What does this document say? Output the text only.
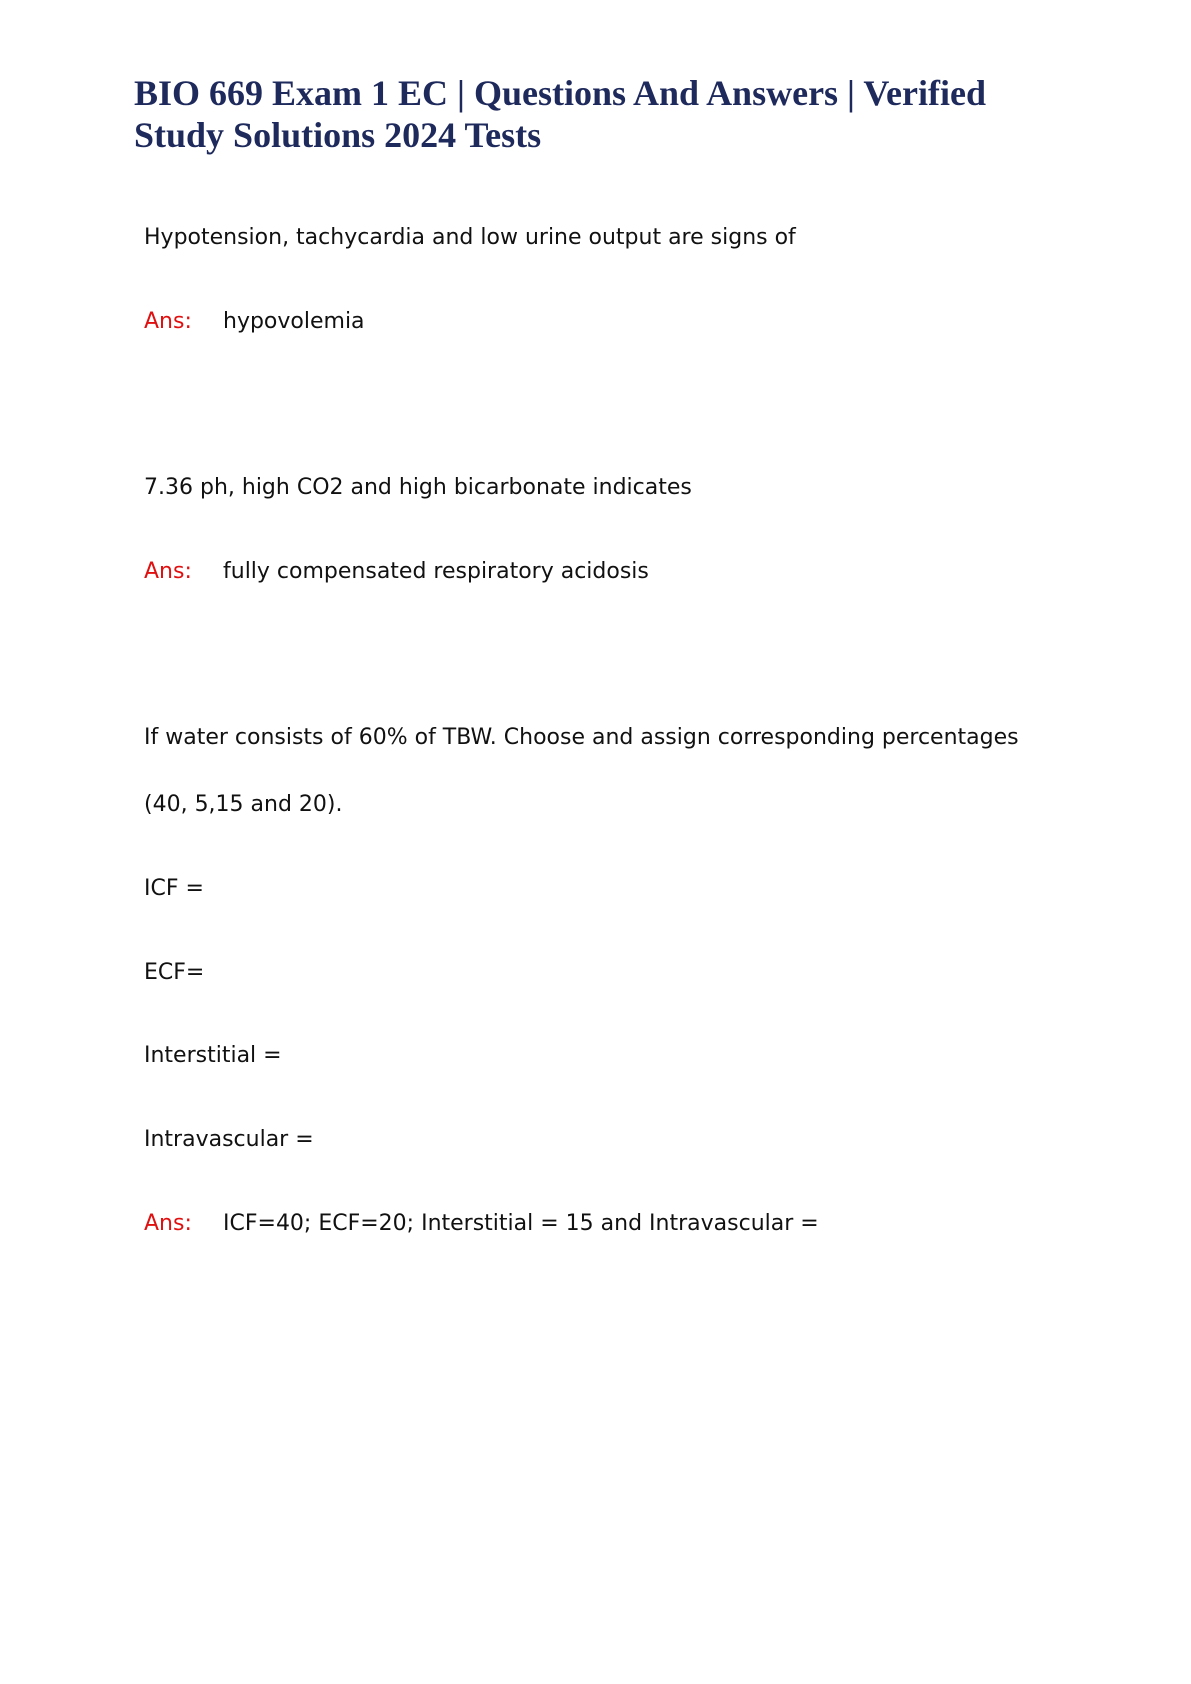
BIO 669 Exam 1 EC | Questions And Answers | Verified Study Solutions 2024 Tests

Hypotension, tachycardia and low urine output are signs of

Ans: hypovolemia

7.36 ph, high CO2 and high bicarbonate indicates

Ans: fully compensated respiratory acidosis

If water consists of 60% of TBW. Choose and assign corresponding percentages

(40, 5,15 and 20).

ICF =

ECF=

Interstitial =

Intravascular =

Ans: ICF=40; ECF=20; Interstitial = 15 and Intravascular =
